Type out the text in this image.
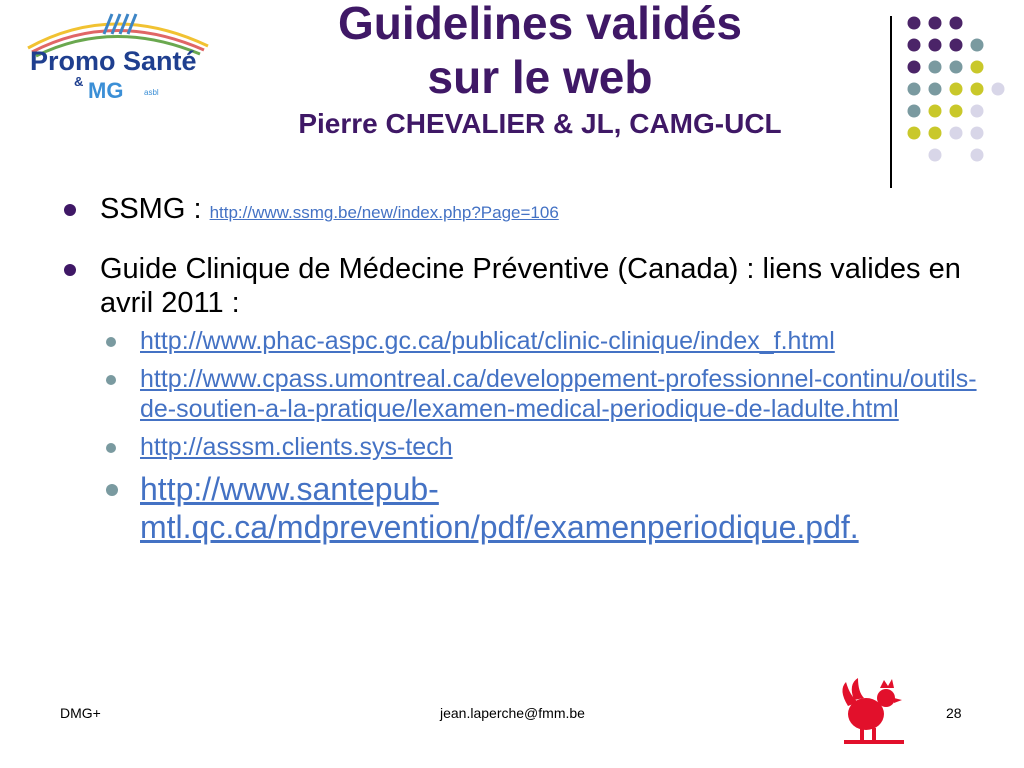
Promo Santé
& MG	asbl
Guidelines validés
sur le web
Pierre CHEVALIER & JL, CAMG-UCL
SSMG : http://www.ssmg.be/new/index.php?Page=106
Guide Clinique de Médecine Préventive (Canada) : liens valides en avril 2011 :
http://www.phac-aspc.gc.ca/publicat/clinic-clinique/index_f.html
http://www.cpass.umontreal.ca/developpement-professionnel-continu/outils-de-soutien-a-la-pratique/lexamen-medical-periodique-de-ladulte.html
http://asssm.clients.sys-tech
http://www.santepub-mtl.qc.ca/mdprevention/pdf/examenperiodique.pdf.
DMG+	jean.laperche@fmm.be	28
